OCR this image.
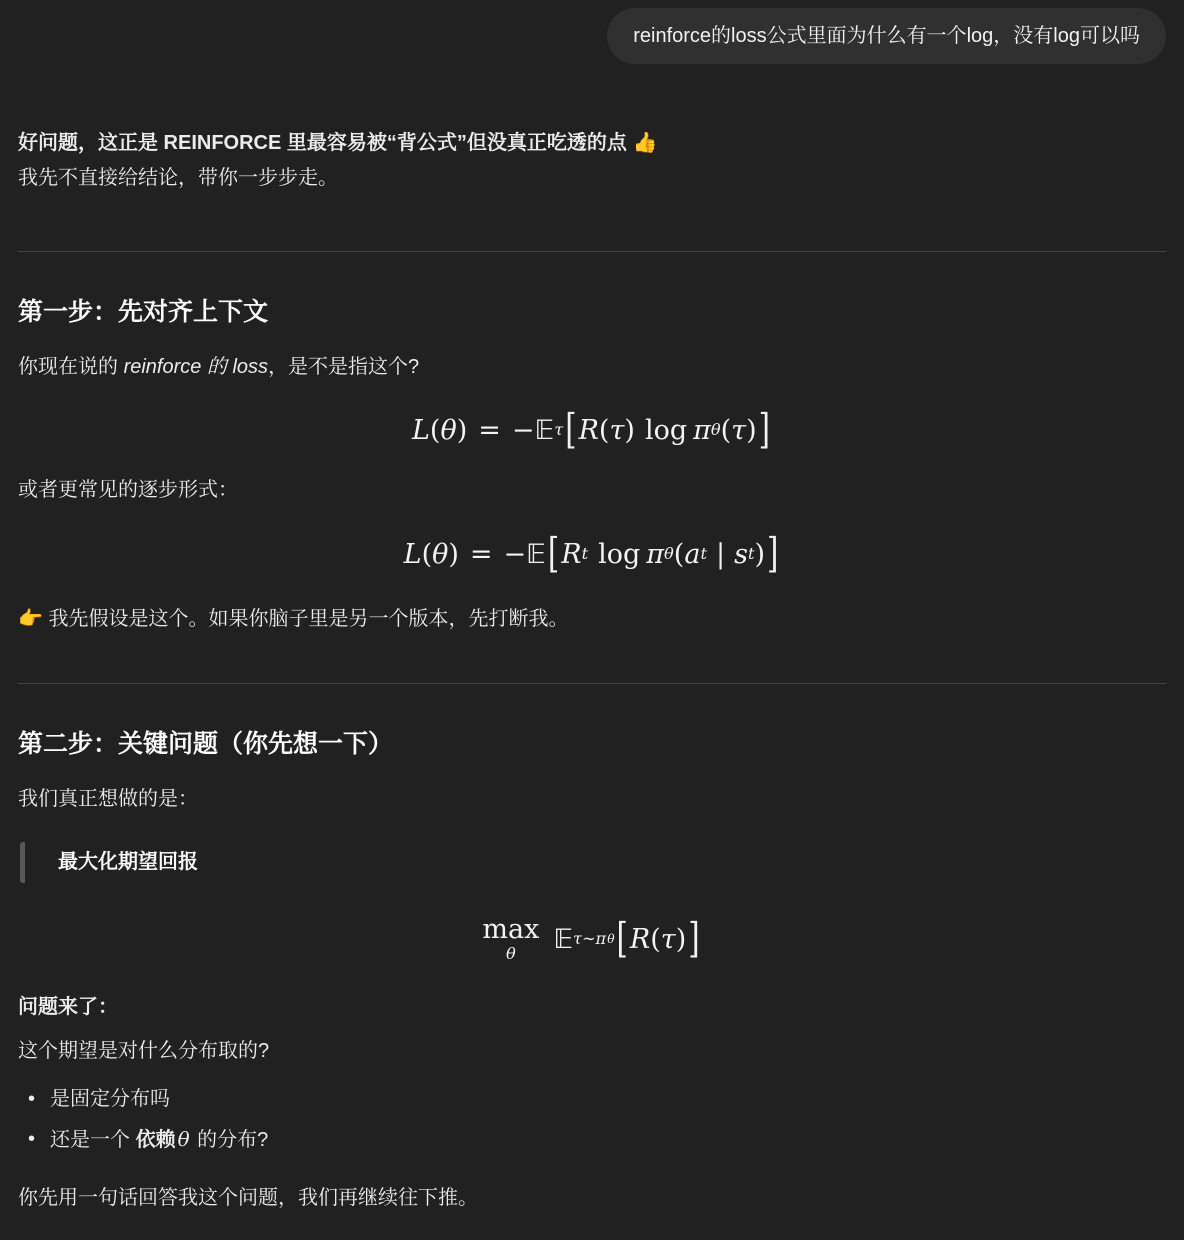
reinforce的loss公式里面为什么有一个log，没有log可以吗

好问题，这正是 REINFORCE 里最容易被“背公式”但没真正吃透的点 👍
我先不直接给结论，带你一步步走。

第一步：先对齐上下文

你现在说的 reinforce 的 loss，是不是指这个?

L ( θ ) = − 𝔼 τ [ R ( τ ) log π θ ( τ ) ]

或者更常见的逐步形式：

L ( θ ) = − 𝔼 [ R t log π θ ( a t | s t ) ]

👉 我先假设是这个。如果你脑子里是另一个版本，先打断我。

第二步：关键问题（你先想一下）

我们真正想做的是：

最大化期望回报
max
θ 𝔼 τ∼π θ [ R ( τ ) ]

问题来了：

这个期望是对什么分布取的?

• 是固定分布吗
• 还是一个 依赖 θ 的分布?

你先用一句话回答我这个问题，我们再继续往下推。
